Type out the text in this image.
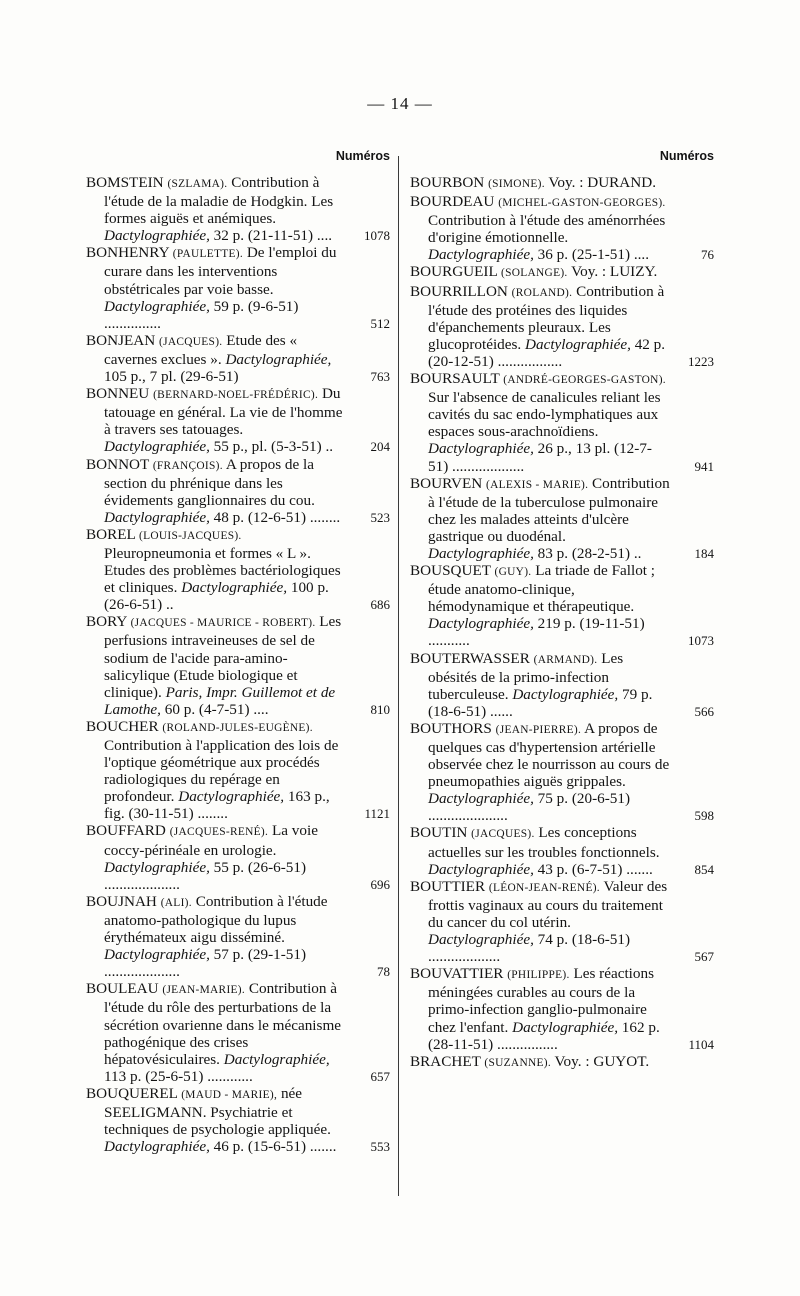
— 14 —
Numéros

BOMSTEIN (SZLAMA). Contribution à l'étude de la maladie de Hodgkin. Les formes aiguës et anémiques. Dactylographiée, 32 p. (21-11-51) .... 1078

BONHENRY (PAULETTE). De l'emploi du curare dans les interventions obstétricales par voie basse. Dactylographiée, 59 p. (9-6-51) ...............	512

BONJEAN (JACQUES). Etude des « cavernes exclues ». Dactylographiée, 105 p., 7 pl. (29-6-51)	763

BONNEU (BERNARD-NOEL-FRÉDÉRIC). Du tatouage en général. La vie de l'homme à travers ses tatouages. Dactylographiée, 55 p., pl. (5-3-51) ..	204

BONNOT (FRANÇOIS). A propos de la section du phrénique dans les évidements ganglionnaires du cou. Dactylographiée, 48 p. (12-6-51) ........ 523

BOREL (LOUIS-JACQUES). Pleuropneumonia et formes « L ». Etudes des problèmes bactériologiques et cliniques. Dactylographiée, 100 p. (26-6-51) ..	686

BORY (JACQUES - MAURICE - ROBERT). Les perfusions intraveineuses de sel de sodium de l'acide para-amino-salicylique (Etude biologique et clinique). Paris, Impr. Guillemot et de Lamothe, 60 p. (4-7-51) ....	810

BOUCHER (ROLAND-JULES-EUGÈNE). Contribution à l'application des lois de l'optique géométrique aux procédés radiologiques du repérage en profondeur. Dactylographiée, 163 p., fig. (30-11-51) ........	1121

BOUFFARD (JACQUES-RENÉ). La voie coccy-périnéale en urologie. Dactylographiée, 55 p. (26-6-51) ....................	696

BOUJNAH (ALI). Contribution à l'étude anatomo-pathologique du lupus érythémateux aigu disséminé. Dactylographiée, 57 p. (29-1-51) ....................	78

BOULEAU (JEAN-MARIE). Contribution à l'étude du rôle des perturbations de la sécrétion ovarienne dans le mécanisme pathogénique des crises hépatovésiculaires. Dactylographiée, 113 p. (25-6-51) ............	657

BOUQUEREL (MAUD - MARIE), née SEELIGMANN. Psychiatrie et techniques de psychologie appliquée. Dactylographiée, 46 p. (15-6-51) .......	553

Numéros

BOURBON (SIMONE). Voy. : DURAND.

BOURDEAU (MICHEL-GASTON-GEORGES). Contribution à l'étude des aménorrhées d'origine émotionnelle. Dactylographiée, 36 p. (25-1-51) ....	76

BOURGUEIL (SOLANGE). Voy. : LUIZY.

BOURRILLON (ROLAND). Contribution à l'étude des protéines des liquides d'épanchements pleuraux. Les glucoprotéides. Dactylographiée, 42 p. (20-12-51) .................	1223

BOURSAULT (ANDRÉ-GEORGES-GASTON). Sur l'absence de canalicules reliant les cavités du sac endo-lymphatiques aux espaces sous-arachnoïdiens. Dactylographiée, 26 p., 13 pl. (12-7-51) ...................	941

BOURVEN (ALEXIS - MARIE). Contribution à l'étude de la tuberculose pulmonaire chez les malades atteints d'ulcère gastrique ou duodénal. Dactylographiée, 83 p. (28-2-51) ..	184

BOUSQUET (GUY). La triade de Fallot ; étude anatomo-clinique, hémodynamique et thérapeutique. Dactylographiée, 219 p. (19-11-51) ...........	1073

BOUTERWASSER (ARMAND). Les obésités de la primo-infection tuberculeuse. Dactylographiée, 79 p. (18-6-51) ......	566

BOUTHORS (JEAN-PIERRE). A propos de quelques cas d'hypertension artérielle observée chez le nourrisson au cours de pneumopathies aiguës grippales. Dactylographiée, 75 p. (20-6-51) .....................	598

BOUTIN (JACQUES). Les conceptions actuelles sur les troubles fonctionnels. Dactylographiée, 43 p. (6-7-51) .......	854

BOUTTIER (LÉON-JEAN-RENÉ). Valeur des frottis vaginaux au cours du traitement du cancer du col utérin. Dactylographiée, 74 p. (18-6-51) ...................	567

BOUVATTIER (PHILIPPE). Les réactions méningées curables au cours de la primo-infection ganglio-pulmonaire chez l'enfant. Dactylographiée, 162 p. (28-11-51) ................	1104

BRACHET (SUZANNE). Voy. : GUYOT.
